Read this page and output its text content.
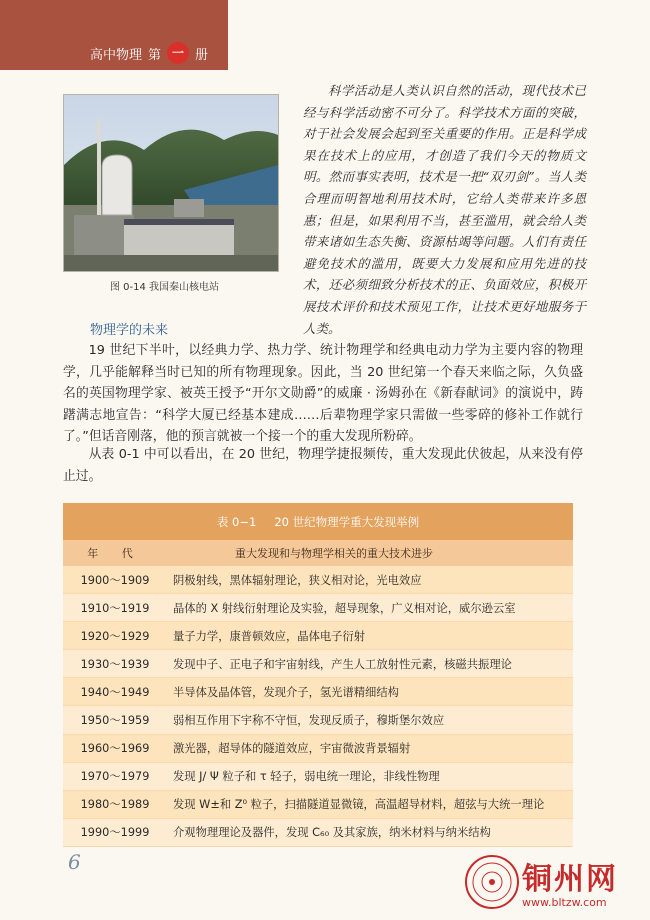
高中物理 第 一 册
图 0-14 我国秦山核电站
科学活动是人类认识自然的活动，现代技术已经与科学活动密不可分了。科学技术方面的突破，对于社会发展会起到至关重要的作用。正是科学成果在技术上的应用，才创造了我们今天的物质文明。然而事实表明，技术是一把“双刃剑”。当人类合理而明智地利用技术时，它给人类带来许多恩惠；但是，如果利用不当，甚至滥用，就会给人类带来诸如生态失衡、资源枯竭等问题。人们有责任避免技术的滥用，既要大力发展和应用先进的技术，还必须细致分析技术的正、负面效应，积极开展技术评价和技术预见工作，让技术更好地服务于人类。
物理学的未来
19 世纪下半叶，以经典力学、热力学、统计物理学和经典电动力学为主要内容的物理学，几乎能解释当时已知的所有物理现象。因此，当 20 世纪第一个春天来临之际，久负盛名的英国物理学家、被英王授予“开尔文勋爵”的威廉 · 汤姆孙在《新春献词》的演说中，踌躇满志地宣告：“科学大厦已经基本建成……后辈物理学家只需做一些零碎的修补工作就行了。”但话音刚落，他的预言就被一个接一个的重大发现所粉碎。
从表 0-1 中可以看出，在 20 世纪，物理学捷报频传，重大发现此伏彼起，从来没有停止过。
表 0−1 20 世纪物理学重大发现举例
年 代	重大发现和与物理学相关的重大技术进步
1900～1909	阴极射线，黑体辐射理论，狭义相对论，光电效应
1910～1919	晶体的 X 射线衍射理论及实验，超导现象，广义相对论，威尔逊云室
1920～1929	量子力学，康普顿效应，晶体电子衍射
1930～1939	发现中子、正电子和宇宙射线，产生人工放射性元素，核磁共振理论
1940～1949	半导体及晶体管，发现介子，氢光谱精细结构
1950～1959	弱相互作用下宇称不守恒，发现反质子，穆斯堡尔效应
1960～1969	激光器，超导体的隧道效应，宇宙微波背景辐射
1970～1979	发现 J/ Ψ 粒子和 τ 轻子，弱电统一理论，非线性物理
1980～1989	发现 W±和 Z⁰ 粒子，扫描隧道显微镜，高温超导材料，超弦与大统一理论
1990～1999	介观物理理论及器件，发现 C₆₀ 及其家族，纳米材料与纳米结构
6	铜州网
www.bltzw.com
